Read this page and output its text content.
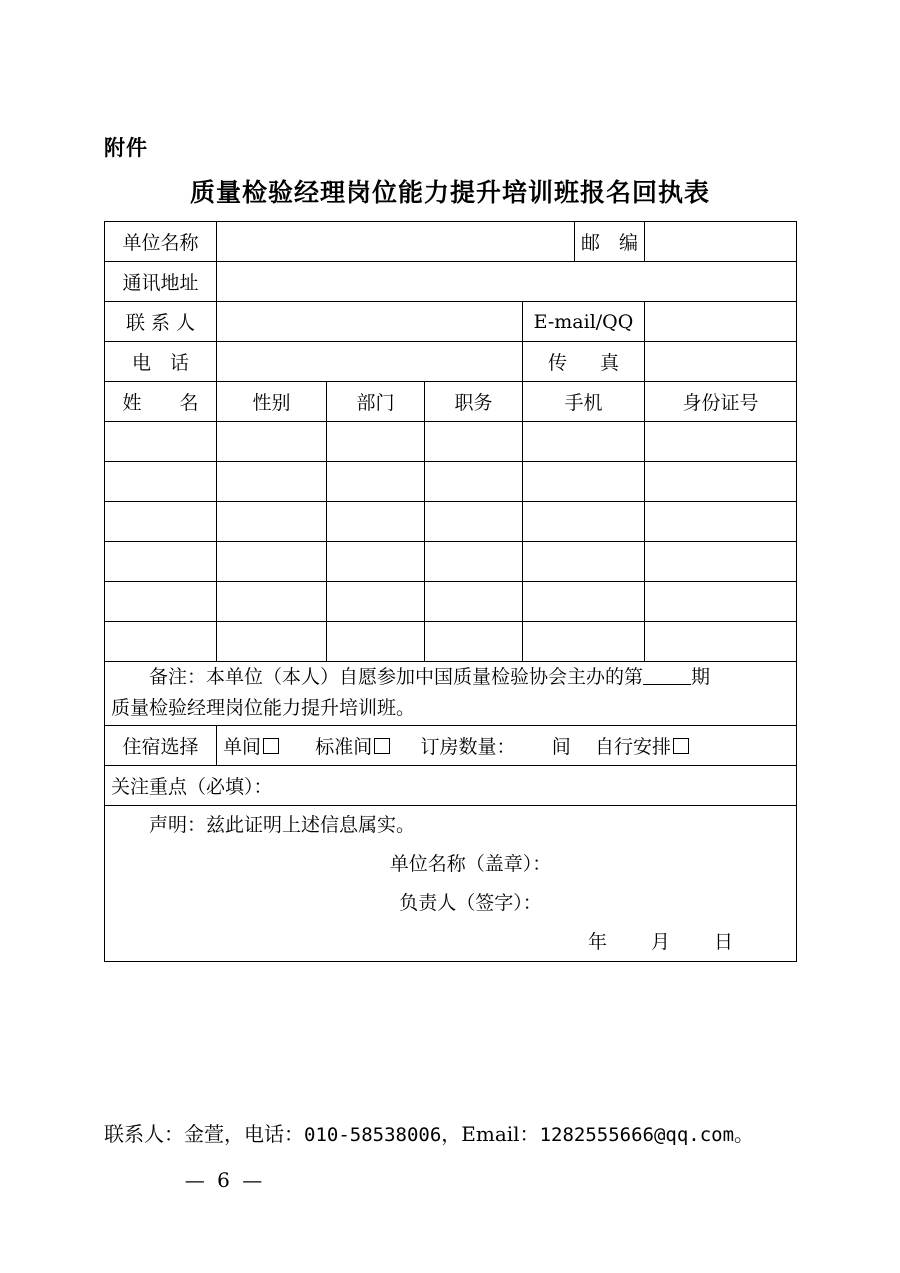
附件
质量检验经理岗位能力提升培训班报名回执表
单位名称					邮　编	
通讯地址						
联 系 人				E-mail/QQ		
电　话				传　真		
姓　　名	性别	部门	职务	手机		身份证号

备注：本单位（本人）自愿参加中国质量检验协会主办的第 期
质量检验经理岗位能力提升培训班。						

住宿选择	单间 标准间 订房数量： 间 自行安排					

关注重点（必填）：						

声明：兹此证明上述信息属实。
单位名称（盖章）：
负责人（签字）：
年　　月　　日						
联系人：金萱，电话：010-58538006，Email：1282555666@qq.com。
— 6 —
